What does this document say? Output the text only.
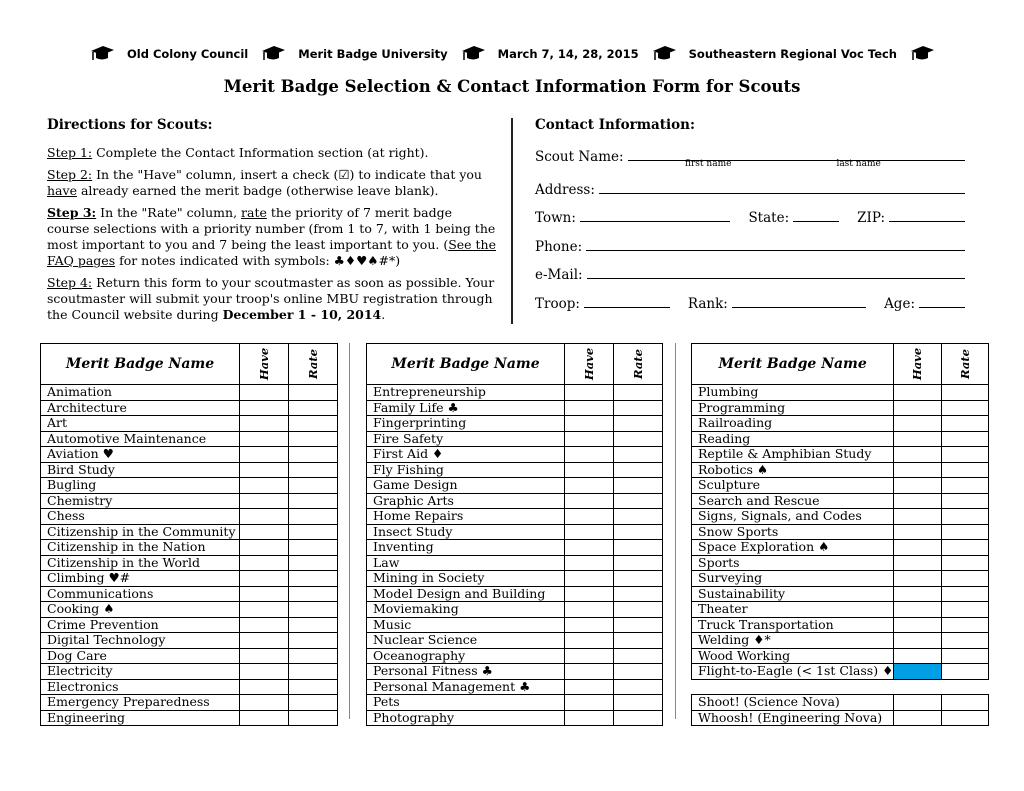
Old Colony Council	Merit Badge University	March 7, 14, 28, 2015	Southeastern Regional Voc Tech
Merit Badge Selection & Contact Information Form for Scouts
Directions for Scouts:

Step 1: Complete the Contact Information section (at right).

Step 2: In the "Have" column, insert a check (☑) to indicate that you have already earned the merit badge (otherwise leave blank).

Step 3: In the "Rate" column, rate the priority of 7 merit badge course selections with a priority number (from 1 to 7, with 1 being the most important to you and 7 being the least important to you. (See the FAQ pages for notes indicated with symbols: ♣♦♥♠#*)

Step 4: Return this form to your scoutmaster as soon as possible. Your scoutmaster will submit your troop's online MBU registration through the Council website during December 1 - 10, 2014.

Contact Information:
Scout Name:	first name	last name
Address:
Town:	State:	ZIP:
Phone:
e-Mail:
Troop:	Rank:	Age:
Merit Badge Name	Have	Rate
Animation		
Architecture		
Art		
Automotive Maintenance		
Aviation ♥		
Bird Study		
Bugling		
Chemistry		
Chess		
Citizenship in the Community		
Citizenship in the Nation		
Citizenship in the World		
Climbing ♥#		
Communications		
Cooking ♠		
Crime Prevention		
Digital Technology		
Dog Care		
Electricity		
Electronics		
Emergency Preparedness		
Engineering		
Merit Badge Name	Have	Rate
Entrepreneurship		
Family Life ♣		
Fingerprinting		
Fire Safety		
First Aid ♦		
Fly Fishing		
Game Design		
Graphic Arts		
Home Repairs		
Insect Study		
Inventing		
Law		
Mining in Society		
Model Design and Building		
Moviemaking		
Music		
Nuclear Science		
Oceanography		
Personal Fitness ♣		
Personal Management ♣		
Pets		
Photography		
Merit Badge Name	Have	Rate
Plumbing		
Programming		
Railroading		
Reading		
Reptile & Amphibian Study		
Robotics ♠		
Sculpture		
Search and Rescue		
Signs, Signals, and Codes		
Snow Sports		
Space Exploration ♠		
Sports		
Surveying		
Sustainability		
Theater		
Truck Transportation		
Welding ♦*		
Wood Working		
Flight-to-Eagle (< 1st Class) ♦		

Shoot! (Science Nova)		
Whoosh! (Engineering Nova)		
